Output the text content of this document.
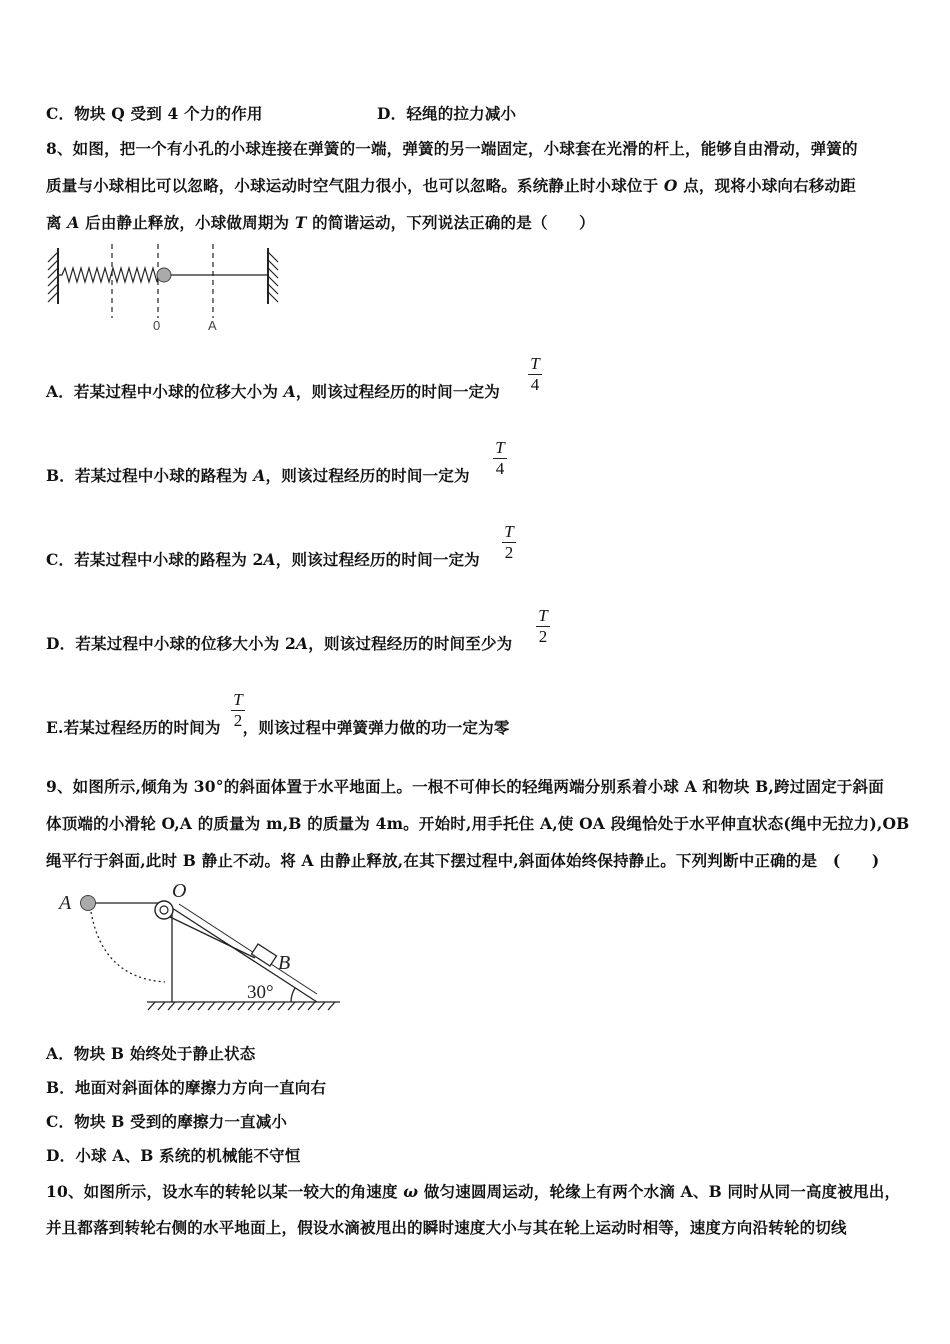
C．物块 Q 受到 4 个力的作用	D．轻绳的拉力减小
8、如图，把一个有小孔的小球连接在弹簧的一端，弹簧的另一端固定，小球套在光滑的杆上，能够自由滑动，弹簧的
质量与小球相比可以忽略，小球运动时空气阻力很小，也可以忽略。系统静止时小球位于 O 点，现将小球向右移动距
离 A 后由静止释放，小球做周期为 T 的简谐运动，下列说法正确的是（　　）
0	A
A．若某过程中小球的位移大小为 A，则该过程经历的时间一定为
T
4
B．若某过程中小球的路程为 A，则该过程经历的时间一定为
T
4
C．若某过程中小球的路程为 2A，则该过程经历的时间一定为
T
2
D．若某过程中小球的位移大小为 2A，则该过程经历的时间至少为
T
2
E.若某过程经历的时间为 ，则该过程中弹簧弹力做的功一定为零
T
2
9、如图所示,倾角为 30°的斜面体置于水平地面上。一根不可伸长的轻绳两端分别系着小球 A 和物块 B,跨过固定于斜面
体顶端的小滑轮 O,A 的质量为 m,B 的质量为 4m。开始时,用手托住 A,使 OA 段绳恰处于水平伸直状态(绳中无拉力),OB
绳平行于斜面,此时 B 静止不动。将 A 由静止释放,在其下摆过程中,斜面体始终保持静止。下列判断中正确的是　(　　)
A
O
B
30°
A．物块 B 始终处于静止状态
B．地面对斜面体的摩擦力方向一直向右
C．物块 B 受到的摩擦力一直减小
D．小球 A、B 系统的机械能不守恒
10、如图所示，设水车的转轮以某一较大的角速度 ω 做匀速圆周运动，轮缘上有两个水滴 A、B 同时从同一高度被甩出，
并且都落到转轮右侧的水平地面上，假设水滴被甩出的瞬时速度大小与其在轮上运动时相等，速度方向沿转轮的切线
